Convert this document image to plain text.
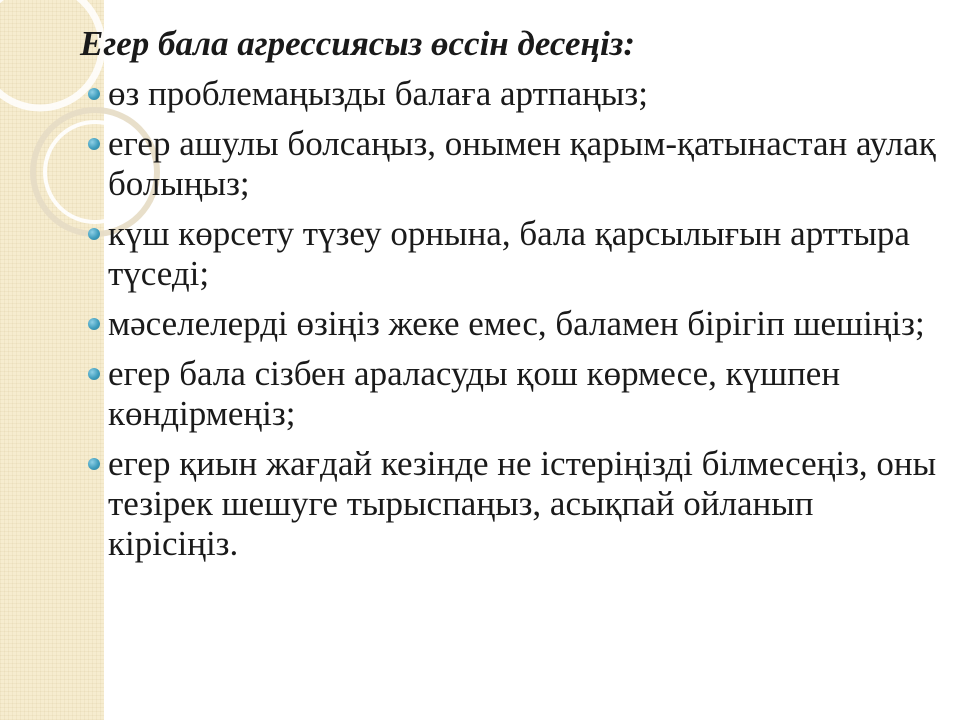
Егер бала агрессиясыз өссін десеңіз:
өз проблемаңызды балаға артпаңыз;
егер ашулы болсаңыз, онымен қарым-қатынастан аулақ болыңыз;
күш көрсету түзеу орнына, бала қарсылығын арттыра түседі;
мәселелерді өзіңіз жеке емес, баламен бірігіп шешіңіз;
егер бала сізбен араласуды қош көрмесе, күшпен көндірмеңіз;
егер қиын жағдай кезінде не істеріңізді білмесеңіз, оны тезірек шешуге тырыспаңыз, асықпай ойланып кірісіңіз.
